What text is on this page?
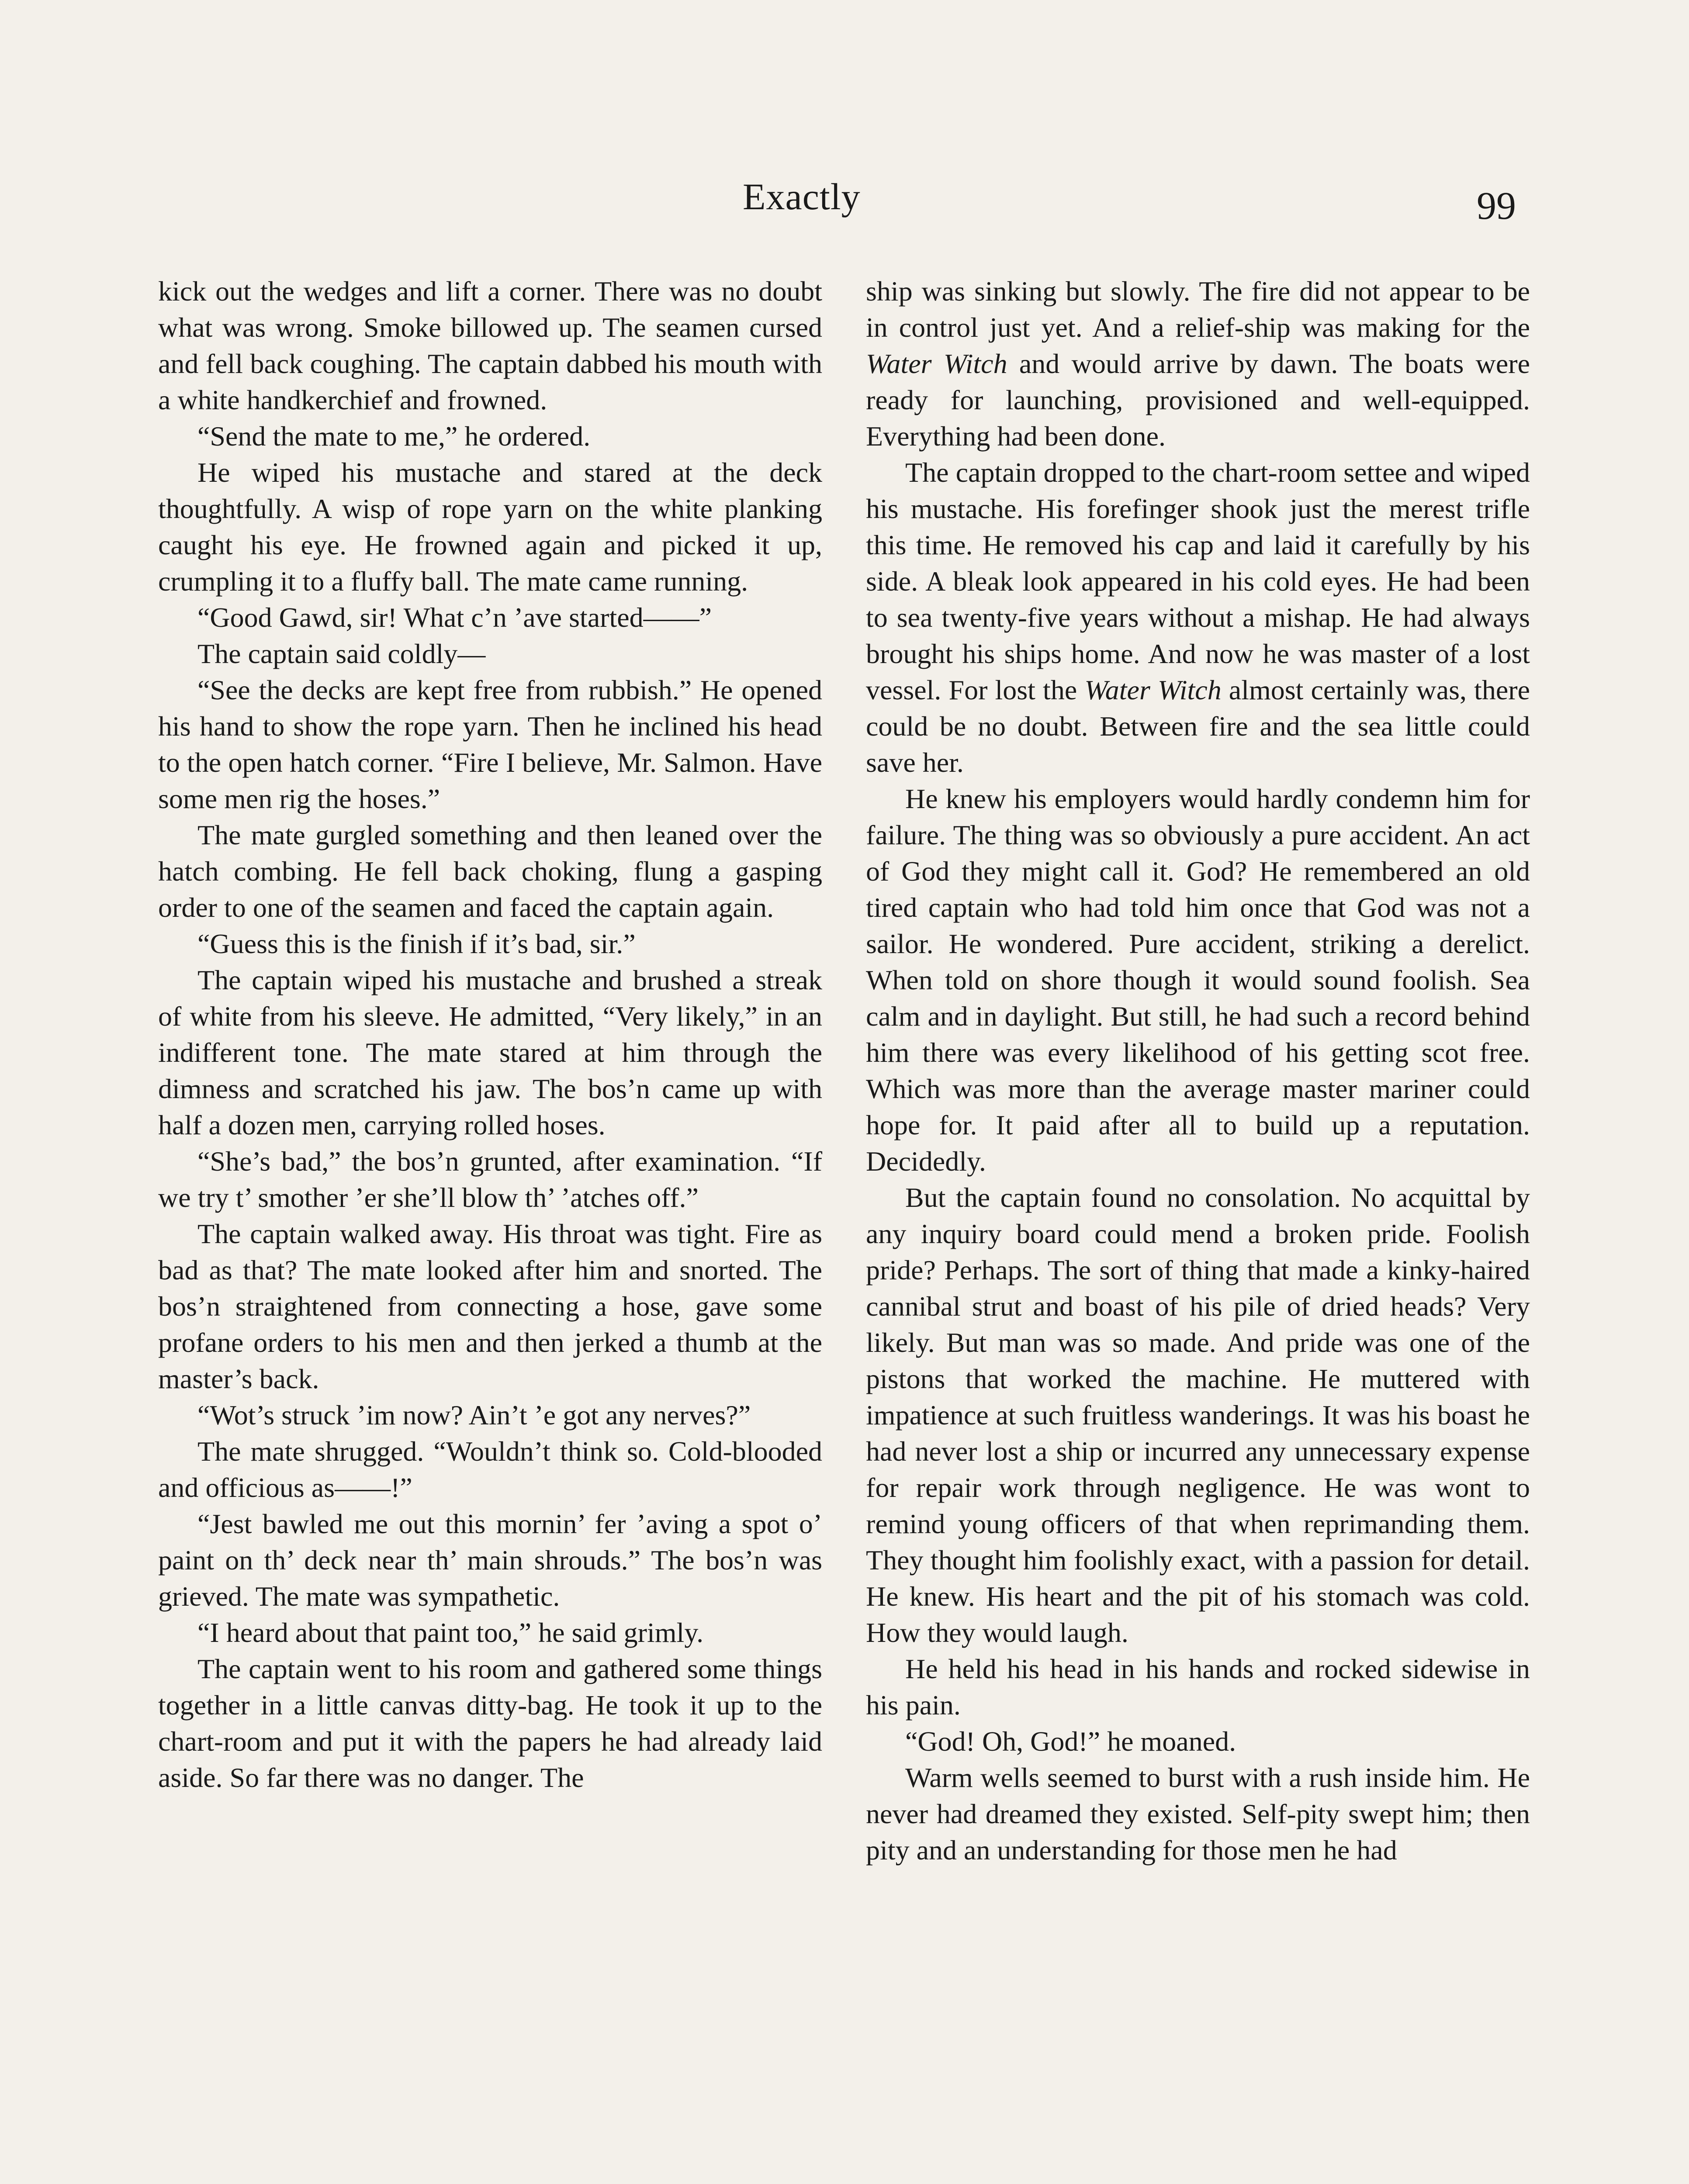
Exactly	99

kick out the wedges and lift a corner. There was no doubt what was wrong. Smoke billowed up. The seamen cursed and fell back coughing. The captain dabbed his mouth with a white handkerchief and frowned.

“Send the mate to me,” he ordered.

He wiped his mustache and stared at the deck thoughtfully. A wisp of rope yarn on the white planking caught his eye. He frowned again and picked it up, crumpling it to a fluffy ball. The mate came running.

“Good Gawd, sir! What c’n ’ave started——”

The captain said coldly—

“See the decks are kept free from rubbish.” He opened his hand to show the rope yarn. Then he inclined his head to the open hatch corner. “Fire I believe, Mr. Salmon. Have some men rig the hoses.”

The mate gurgled something and then leaned over the hatch combing. He fell back choking, flung a gasping order to one of the seamen and faced the captain again.

“Guess this is the finish if it’s bad, sir.”

The captain wiped his mustache and brushed a streak of white from his sleeve. He admitted, “Very likely,” in an indifferent tone. The mate stared at him through the dimness and scratched his jaw. The bos’n came up with half a dozen men, carrying rolled hoses.

“She’s bad,” the bos’n grunted, after examination. “If we try t’ smother ’er she’ll blow th’ ’atches off.”

The captain walked away. His throat was tight. Fire as bad as that? The mate looked after him and snorted. The bos’n straightened from connecting a hose, gave some profane orders to his men and then jerked a thumb at the master’s back.

“Wot’s struck ’im now? Ain’t ’e got any nerves?”

The mate shrugged. “Wouldn’t think so. Cold-blooded and officious as——!”

“Jest bawled me out this mornin’ fer ’aving a spot o’ paint on th’ deck near th’ main shrouds.” The bos’n was grieved. The mate was sympathetic.

“I heard about that paint too,” he said grimly.

The captain went to his room and gathered some things together in a little canvas ditty-bag. He took it up to the chart-room and put it with the papers he had already laid aside. So far there was no danger. The

ship was sinking but slowly. The fire did not appear to be in control just yet. And a relief-ship was making for the Water Witch and would arrive by dawn. The boats were ready for launching, provisioned and well-equipped. Everything had been done.

The captain dropped to the chart-room settee and wiped his mustache. His forefinger shook just the merest trifle this time. He removed his cap and laid it carefully by his side. A bleak look appeared in his cold eyes. He had been to sea twenty-five years without a mishap. He had always brought his ships home. And now he was master of a lost vessel. For lost the Water Witch almost certainly was, there could be no doubt. Between fire and the sea little could save her.

He knew his employers would hardly condemn him for failure. The thing was so obviously a pure accident. An act of God they might call it. God? He remembered an old tired captain who had told him once that God was not a sailor. He wondered. Pure accident, striking a derelict. When told on shore though it would sound foolish. Sea calm and in daylight. But still, he had such a record behind him there was every likelihood of his getting scot free. Which was more than the average master mariner could hope for. It paid after all to build up a reputation. Decidedly.

But the captain found no consolation. No acquittal by any inquiry board could mend a broken pride. Foolish pride? Perhaps. The sort of thing that made a kinky-haired cannibal strut and boast of his pile of dried heads? Very likely. But man was so made. And pride was one of the pistons that worked the machine. He muttered with impatience at such fruitless wanderings. It was his boast he had never lost a ship or incurred any unnecessary expense for repair work through negligence. He was wont to remind young officers of that when reprimanding them. They thought him foolishly exact, with a passion for detail. He knew. His heart and the pit of his stomach was cold. How they would laugh.

He held his head in his hands and rocked sidewise in his pain.

“God! Oh, God!” he moaned.

Warm wells seemed to burst with a rush inside him. He never had dreamed they existed. Self-pity swept him; then pity and an understanding for those men he had
